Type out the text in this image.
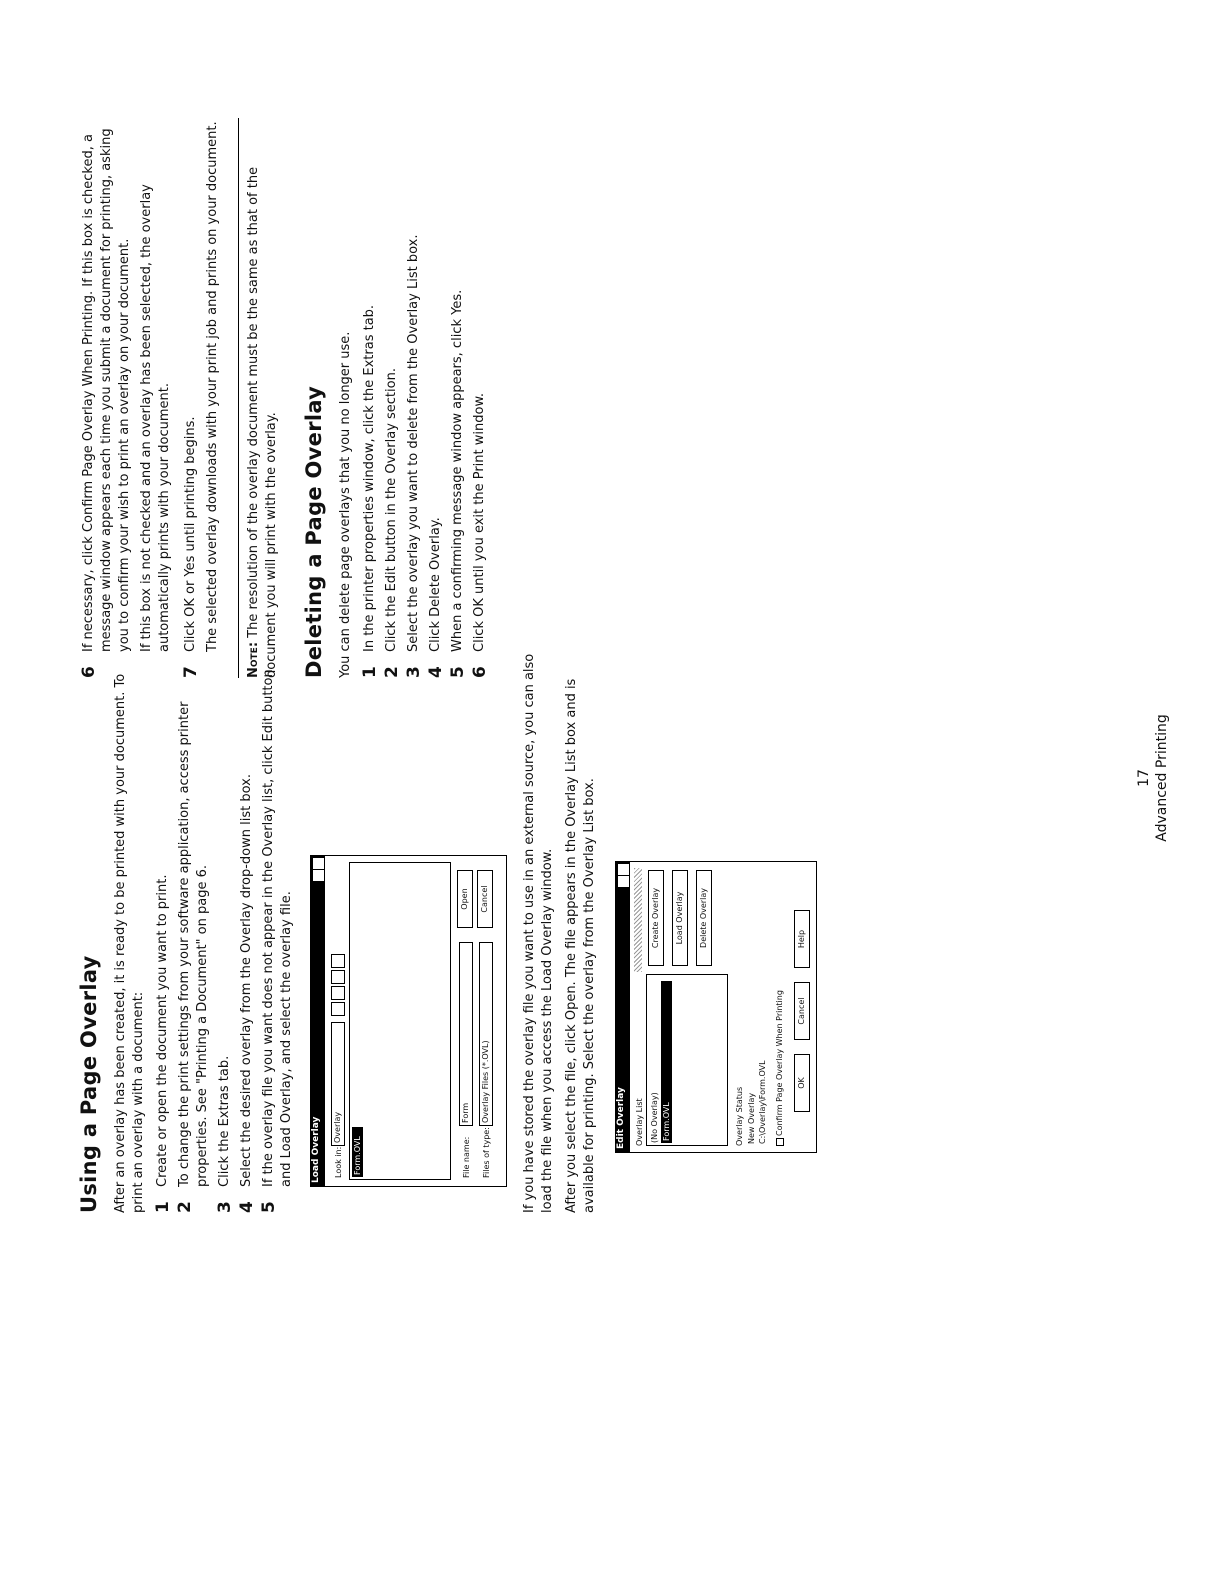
Using a Page Overlay After an overlay has been created, it is ready to be printed with your document. To print an overlay with a document: 1
Create or open the document you want to print.
2
To change the print settings from your software application, access printer properties. See "Printing a Document" on page 6.
3
Click the Extras tab.
4
Select the desired overlay from the Overlay drop-down list box.
5
If the overlay file you want does not appear in the Overlay list, click Edit button and Load Overlay, and select the overlay file. Load Overlay	Look in:
Overlay
Form.OVL	File name:
Form
Files of type:
Overlay Files (*.OVL)
Open	Cancel	If you have stored the overlay file you want to use in an external source, you can also load the file when you access the Load Overlay window. After you select the file, click Open. The file appears in the Overlay List box and is available for printing. Select the overlay from the Overlay List box. Edit Overlay	Overlay List (No Overlay) Form.OVL
Create Overlay	Load Overlay	Delete Overlay
Overlay Status New Overlay C:\Overlay\Form.OVL Confirm Page Overlay When Printing	OK
Cancel
Help
6

If necessary, click Confirm Page Overlay When Printing. If this box is checked, a message window appears each time you submit a document for printing, asking you to confirm your wish to print an overlay on your document. If this box is not checked and an overlay has been selected, the overlay automatically prints with your document.

7

Click OK or Yes until printing begins. The selected overlay downloads with your print job and prints on your document.

Note: The resolution of the overlay document must be the same as that of the document you will print with the overlay. Deleting a Page Overlay You can delete page overlays that you no longer use. 1
In the printer properties window, click the Extras tab.
2
Click the Edit button in the Overlay section.
3
Select the overlay you want to delete from the Overlay List box.
4
Click Delete Overlay.
5
When a confirming message window appears, click Yes.
6
Click OK until you exit the Print window.
17 Advanced Printing
